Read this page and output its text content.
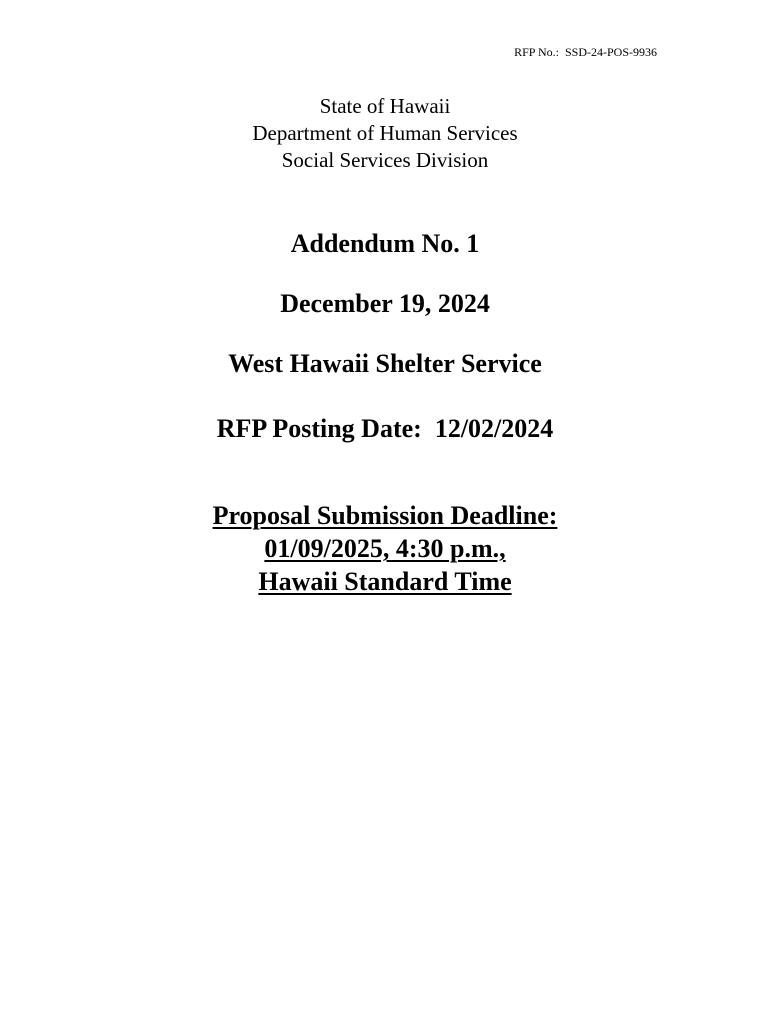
RFP No.:  SSD-24-POS-9936
State of Hawaii
Department of Human Services
Social Services Division
Addendum No. 1
December 19, 2024
West Hawaii Shelter Service
RFP Posting Date:  12/02/2024
Proposal Submission Deadline:
01/09/2025, 4:30 p.m.,
Hawaii Standard Time
